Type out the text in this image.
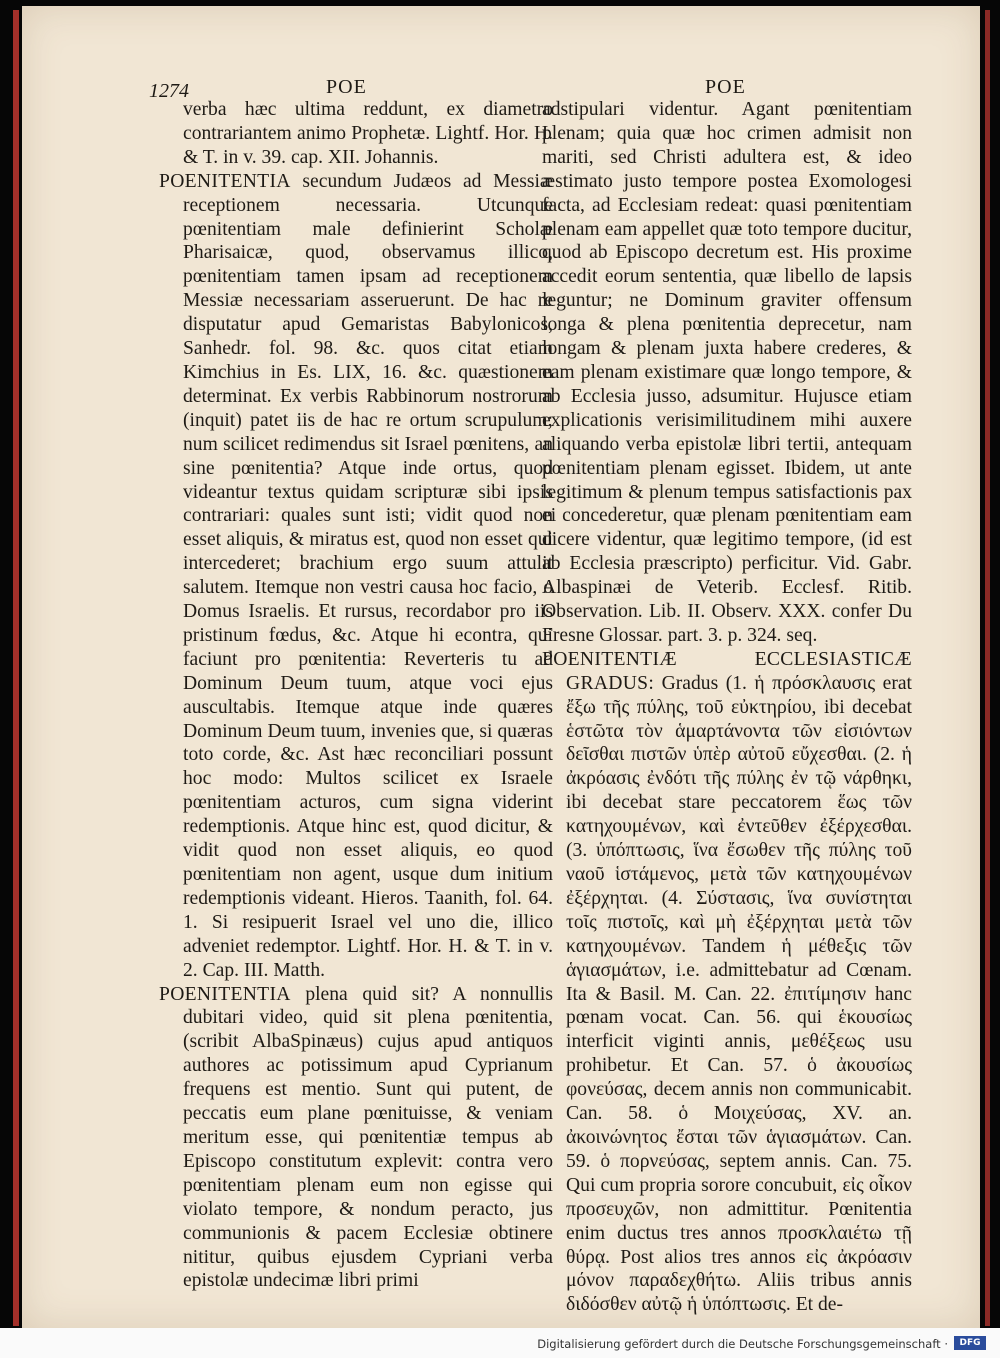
1274	POE	POE

verba hæc ultima reddunt, ex diametro contrariantem animo Prophetæ. Lightf. Hor. H. & T. in v. 39. cap. XII. Johannis.

POENITENTIA secundum Judæos ad Messiæ receptionem necessaria. Utcunque pœnitentiam male definierint Scholæ Pharisaicæ, quod, observamus illico, pœnitentiam tamen ipsam ad receptionem Messiæ necessariam asseruerunt. De hac re disputatur apud Gemaristas Babylonicos, Sanhedr. fol. 98. &c. quos citat etiam Kimchius in Es. LIX, 16. &c. quæstionem determinat. Ex verbis Rabbinorum nostrorum (inquit) patet iis de hac re ortum scrupulum; num scilicet redimendus sit Israel pœnitens, an sine pœnitentia? Atque inde ortus, quod videantur textus quidam scripturæ sibi ipsis contrariari: quales sunt isti; vidit quod non esset aliquis, & miratus est, quod non esset qui intercederet; brachium ergo suum attulit salutem. Itemque non vestri causa hoc facio, o Domus Israelis. Et rursus, recordabor pro iis pristinum fœdus, &c. Atque hi econtra, qui faciunt pro pœnitentia: Reverteris tu ad Dominum Deum tuum, atque voci ejus auscultabis. Itemque atque inde quæres Dominum Deum tuum, invenies que, si quæras toto corde, &c. Ast hæc reconciliari possunt hoc modo: Multos scilicet ex Israele pœnitentiam acturos, cum signa viderint redemptionis. Atque hinc est, quod dicitur, & vidit quod non esset aliquis, eo quod pœnitentiam non agent, usque dum initium redemptionis videant. Hieros. Taanith, fol. 64. 1. Si resipuerit Israel vel uno die, illico adveniet redemptor. Lightf. Hor. H. & T. in v. 2. Cap. III. Matth.

POENITENTIA plena quid sit? A nonnullis dubitari video, quid sit plena pœnitentia, (scribit AlbaSpinæus) cujus apud antiquos authores ac potissimum apud Cyprianum frequens est mentio. Sunt qui putent, de peccatis eum plane pœnituisse, & veniam meritum esse, qui pœnitentiæ tempus ab Episcopo constitutum explevit: contra vero pœnitentiam plenam eum non egisse qui violato tempore, & nondum peracto, jus communionis & pacem Ecclesiæ obtinere nititur, quibus ejusdem Cypriani verba epistolæ undecimæ libri primi

adstipulari videntur. Agant pœnitentiam plenam; quia quæ hoc crimen admisit non mariti, sed Christi adultera est, & ideo æstimato justo tempore postea Exomologesi facta, ad Ecclesiam redeat: quasi pœnitentiam plenam eam appellet quæ toto tempore ducitur, quod ab Episcopo decretum est. His proxime accedit eorum sententia, quæ libello de lapsis leguntur; ne Dominum graviter offensum longa & plena pœnitentia deprecetur, nam longam & plenam juxta habere crederes, & eam plenam existimare quæ longo tempore, & ab Ecclesia jusso, adsumitur. Hujusce etiam explicationis verisimilitudinem mihi auxere aliquando verba epistolæ libri tertii, antequam pœnitentiam plenam egisset. Ibidem, ut ante legitimum & plenum tempus satisfactionis pax ei concederetur, quæ plenam pœnitentiam eam dicere videntur, quæ legitimo tempore, (id est ab Ecclesia præscripto) perficitur. Vid. Gabr. Albaspinæi de Veterib. Ecclesf. Ritib. Observation. Lib. II. Observ. XXX. confer Du Fresne Glossar. part. 3. p. 324. seq.

POENITENTIÆ ECCLESIASTICÆ GRADUS: Gradus (1. ἡ πρόσκλαυσις erat ἔξω τῆς πύλης, τοῦ εὐκτηρίου, ibi decebat ἑστῶτα τὸν ἁμαρτάνοντα τῶν εἰσιόντων δεῖσθαι πιστῶν ὑπὲρ αὐτοῦ εὔχεσθαι. (2. ἡ ἀκρόασις ἐνδότι τῆς πύλης ἐν τῷ νάρθηκι, ibi decebat stare peccatorem ἕως τῶν κατηχουμένων, καὶ ἐντεῦθεν ἐξέρχεσθαι. (3. ὑπόπτωσις, ἵνα ἔσωθεν τῆς πύλης τοῦ ναοῦ ἱστάμενος, μετὰ τῶν κατηχουμένων ἐξέρχηται. (4. Σύστασις, ἵνα συνίστηται τοῖς πιστοῖς, καὶ μὴ ἐξέρχηται μετὰ τῶν κατηχουμένων. Tandem ἡ μέθεξις τῶν ἁγιασμάτων, i.e. admittebatur ad Cœnam. Ita & Basil. M. Can. 22. ἐπιτίμησιν hanc pœnam vocat. Can. 56. qui ἑκουσίως interficit viginti annis, μεθέξεως usu prohibetur. Et Can. 57. ὁ ἀκουσίως φονεύσας, decem annis non communicabit. Can. 58. ὁ Μοιχεύσας, XV. an. ἀκοινώνητος ἔσται τῶν ἁγιασμάτων. Can. 59. ὁ πορνεύσας, septem annis. Can. 75. Qui cum propria sorore concubuit, εἰς οἶκον προσευχῶν, non admittitur. Pœnitentia enim ductus tres annos προσκλαιέτω τῇ θύρᾳ. Post alios tres annos εἰς ἀκρόασιν μόνον παραδεχθήτω. Aliis tribus annis διδόσθεν αὐτῷ ἡ ὑπόπτωσις. Et de-

Digitalisierung gefördert durch die Deutsche Forschungsgemeinschaft ·	DFG
